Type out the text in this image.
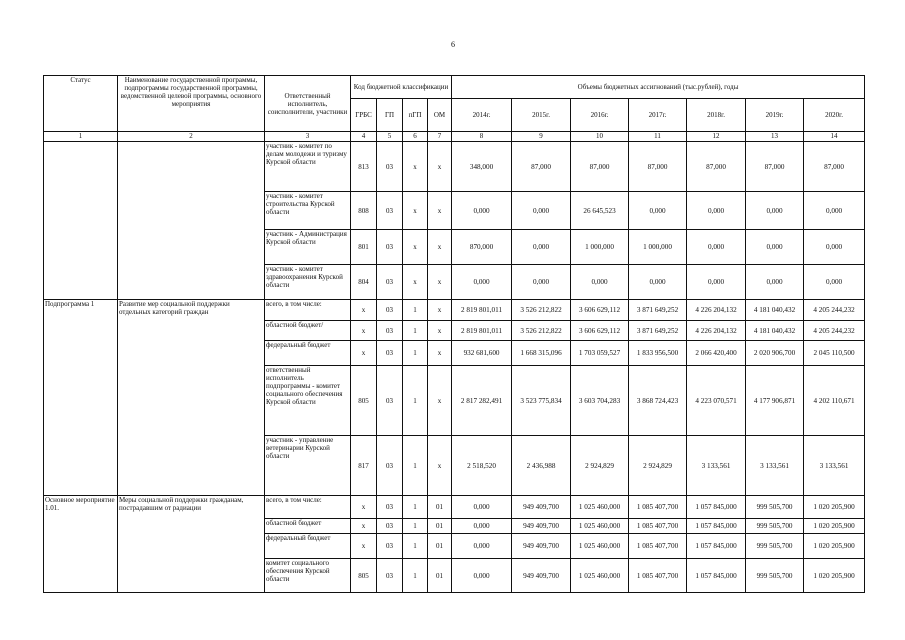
6
Статус	Наименование государственной программы, подпрограммы государственной программы, ведомственной целевой программы, основного мероприятия	Ответственный исполнитель, соисполнители, участники	Код бюджетной классификации				Объемы бюджетных ассигнований (тыс.рублей), годы						
			ГРБС	ГП	пГП	ОМ	2014г.	2015г.	2016г.	2017г.	2018г.	2019г.	2020г.
1	2	3	4	5	6	7	8	9	10	11	12	13	14
		участник - комитет по делам молодежи и туризму Курской области	813	03	х	х	348,000	87,000	87,000	87,000	87,000	87,000	87,000
		участник - комитет строительства Курской области	808	03	х	х	0,000	0,000	26 645,523	0,000	0,000	0,000	0,000
		участник - Администрация Курской области	801	03	х	х	870,000	0,000	1 000,000	1 000,000	0,000	0,000	0,000
		участник - комитет здравоохранения Курской области	804	03	х	х	0,000	0,000	0,000	0,000	0,000	0,000	0,000
Подпрограмма 1	Развитие мер социальной поддержки отдельных категорий граждан	всего, в том числе:	х	03	1	х	2 819 801,011	3 526 212,822	3 606 629,112	3 871 649,252	4 226 204,132	4 181 040,432	4 205 244,232
		областной бюджет/	х	03	1	х	2 819 801,011	3 526 212,822	3 606 629,112	3 871 649,252	4 226 204,132	4 181 040,432	4 205 244,232
		федеральный бюджет	х	03	1	х	932 681,600	1 668 315,096	1 703 059,527	1 833 956,500	2 066 420,400	2 020 906,700	2 045 110,500
		ответственный исполнитель подпрограммы - комитет социального обеспечения Курской области	805	03	1	х	2 817 282,491	3 523 775,834	3 603 704,283	3 868 724,423	4 223 070,571	4 177 906,871	4 202 110,671
		участник - управление ветеринарии Курской области	817	03	1	х	2 518,520	2 436,988	2 924,829	2 924,829	3 133,561	3 133,561	3 133,561
Основное мероприятие 1.01.	Меры социальной поддержки гражданам, пострадавшим от радиации	всего, в том числе:	х	03	1	01	0,000	949 409,700	1 025 460,000	1 085 407,700	1 057 845,000	999 505,700	1 020 205,900
		областной бюджет	х	03	1	01	0,000	949 409,700	1 025 460,000	1 085 407,700	1 057 845,000	999 505,700	1 020 205,900
		федеральный бюджет	х	03	1	01	0,000	949 409,700	1 025 460,000	1 085 407,700	1 057 845,000	999 505,700	1 020 205,900
		комитет социального обеспечения Курской области	805	03	1	01	0,000	949 409,700	1 025 460,000	1 085 407,700	1 057 845,000	999 505,700	1 020 205,900
